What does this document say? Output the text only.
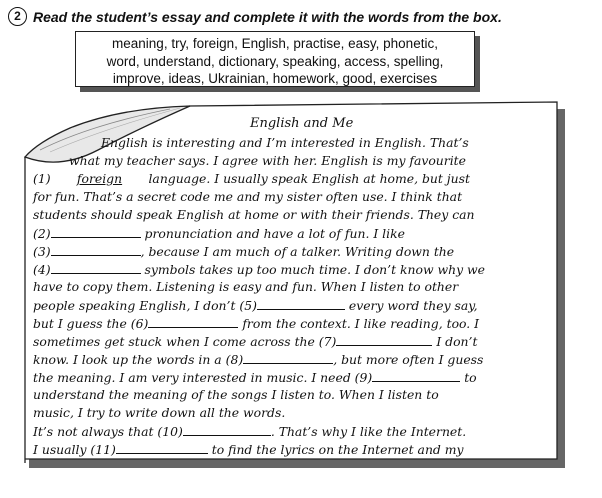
2 Read the student’s essay and complete it with the words from the box.
meaning, try, foreign, English, practise, easy, phonetic,
word, understand, dictionary, speaking, access, spelling,
improve, ideas, Ukrainian, homework, good, exercises
English and Me
English is interesting and I’m interested in English. That’s
what my teacher says. I agree with her. English is my favourite
(1) foreign language. I usually speak English at home, but just
for fun. That’s a secret code me and my sister often use. I think that
students should speak English at home or with their friends. They can
(2)	pronunciation and have a lot of fun. I like
(3)	, because I am much of a talker. Writing down the
(4)	symbols takes up too much time. I don’t know why we
have to copy them. Listening is easy and fun. When I listen to other
people speaking English, I don’t (5)	every word they say,
but I guess the (6)	from the context. I like reading, too. I
sometimes get stuck when I come across the (7)	I don’t
know. I look up the words in a (8)	, but more often I guess
the meaning. I am very interested in music. I need (9)	to
understand the meaning of the songs I listen to. When I listen to
music, I try to write down all the words.
It’s not always that (10)	. That’s why I like the Internet.
I usually (11)	to find the lyrics on the Internet and my
